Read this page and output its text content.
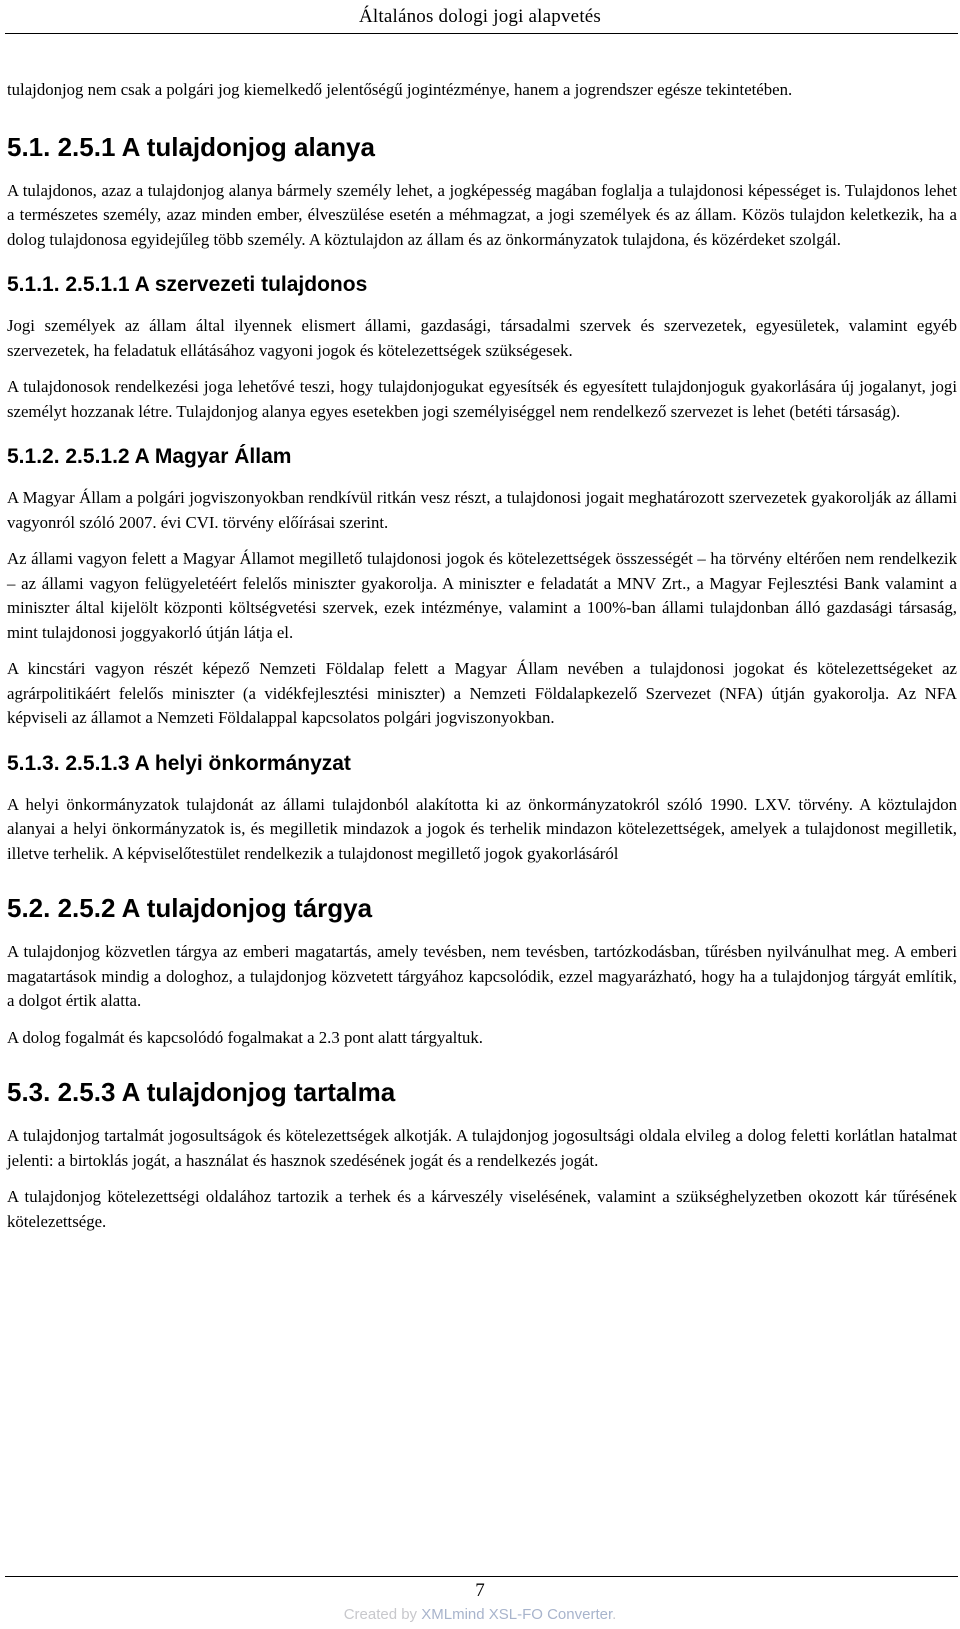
Általános dologi jogi alapvetés

tulajdonjog nem csak a polgári jog kiemelkedő jelentőségű jogintézménye, hanem a jogrendszer egésze tekintetében.

5.1. 2.5.1 A tulajdonjog alanya

A tulajdonos, azaz a tulajdonjog alanya bármely személy lehet, a jogképesség magában foglalja a tulajdonosi képességet is. Tulajdonos lehet a természetes személy, azaz minden ember, élveszülése esetén a méhmagzat, a jogi személyek és az állam. Közös tulajdon keletkezik, ha a dolog tulajdonosa egyidejűleg több személy. A köztulajdon az állam és az önkormányzatok tulajdona, és közérdeket szolgál.

5.1.1. 2.5.1.1 A szervezeti tulajdonos

Jogi személyek az állam által ilyennek elismert állami, gazdasági, társadalmi szervek és szervezetek, egyesületek, valamint egyéb szervezetek, ha feladatuk ellátásához vagyoni jogok és kötelezettségek szükségesek.

A tulajdonosok rendelkezési joga lehetővé teszi, hogy tulajdonjogukat egyesítsék és egyesített tulajdonjoguk gyakorlására új jogalanyt, jogi személyt hozzanak létre. Tulajdonjog alanya egyes esetekben jogi személyiséggel nem rendelkező szervezet is lehet (betéti társaság).

5.1.2. 2.5.1.2 A Magyar Állam

A Magyar Állam a polgári jogviszonyokban rendkívül ritkán vesz részt, a tulajdonosi jogait meghatározott szervezetek gyakorolják az állami vagyonról szóló 2007. évi CVI. törvény előírásai szerint.

Az állami vagyon felett a Magyar Államot megillető tulajdonosi jogok és kötelezettségek összességét – ha törvény eltérően nem rendelkezik – az állami vagyon felügyeletéért felelős miniszter gyakorolja. A miniszter e feladatát a MNV Zrt., a Magyar Fejlesztési Bank valamint a miniszter által kijelölt központi költségvetési szervek, ezek intézménye, valamint a 100%-ban állami tulajdonban álló gazdasági társaság, mint tulajdonosi joggyakorló útján látja el.

A kincstári vagyon részét képező Nemzeti Földalap felett a Magyar Állam nevében a tulajdonosi jogokat és kötelezettségeket az agrárpolitikáért felelős miniszter (a vidékfejlesztési miniszter) a Nemzeti Földalapkezelő Szervezet (NFA) útján gyakorolja. Az NFA képviseli az államot a Nemzeti Földalappal kapcsolatos polgári jogviszonyokban.

5.1.3. 2.5.1.3 A helyi önkormányzat

A helyi önkormányzatok tulajdonát az állami tulajdonból alakította ki az önkormányzatokról szóló 1990. LXV. törvény. A köztulajdon alanyai a helyi önkormányzatok is, és megilletik mindazok a jogok és terhelik mindazon kötelezettségek, amelyek a tulajdonost megilletik, illetve terhelik. A képviselőtestület rendelkezik a tulajdonost megillető jogok gyakorlásáról

5.2. 2.5.2 A tulajdonjog tárgya

A tulajdonjog közvetlen tárgya az emberi magatartás, amely tevésben, nem tevésben, tartózkodásban, tűrésben nyilvánulhat meg. A emberi magatartások mindig a dologhoz, a tulajdonjog közvetett tárgyához kapcsolódik, ezzel magyarázható, hogy ha a tulajdonjog tárgyát említik, a dolgot értik alatta.

A dolog fogalmát és kapcsolódó fogalmakat a 2.3 pont alatt tárgyaltuk.

5.3. 2.5.3 A tulajdonjog tartalma

A tulajdonjog tartalmát jogosultságok és kötelezettségek alkotják. A tulajdonjog jogosultsági oldala elvileg a dolog feletti korlátlan hatalmat jelenti: a birtoklás jogát, a használat és hasznok szedésének jogát és a rendelkezés jogát.

A tulajdonjog kötelezettségi oldalához tartozik a terhek és a kárveszély viselésének, valamint a szükséghelyzetben okozott kár tűrésének kötelezettsége.

7
Created by XMLmind XSL-FO Converter.
